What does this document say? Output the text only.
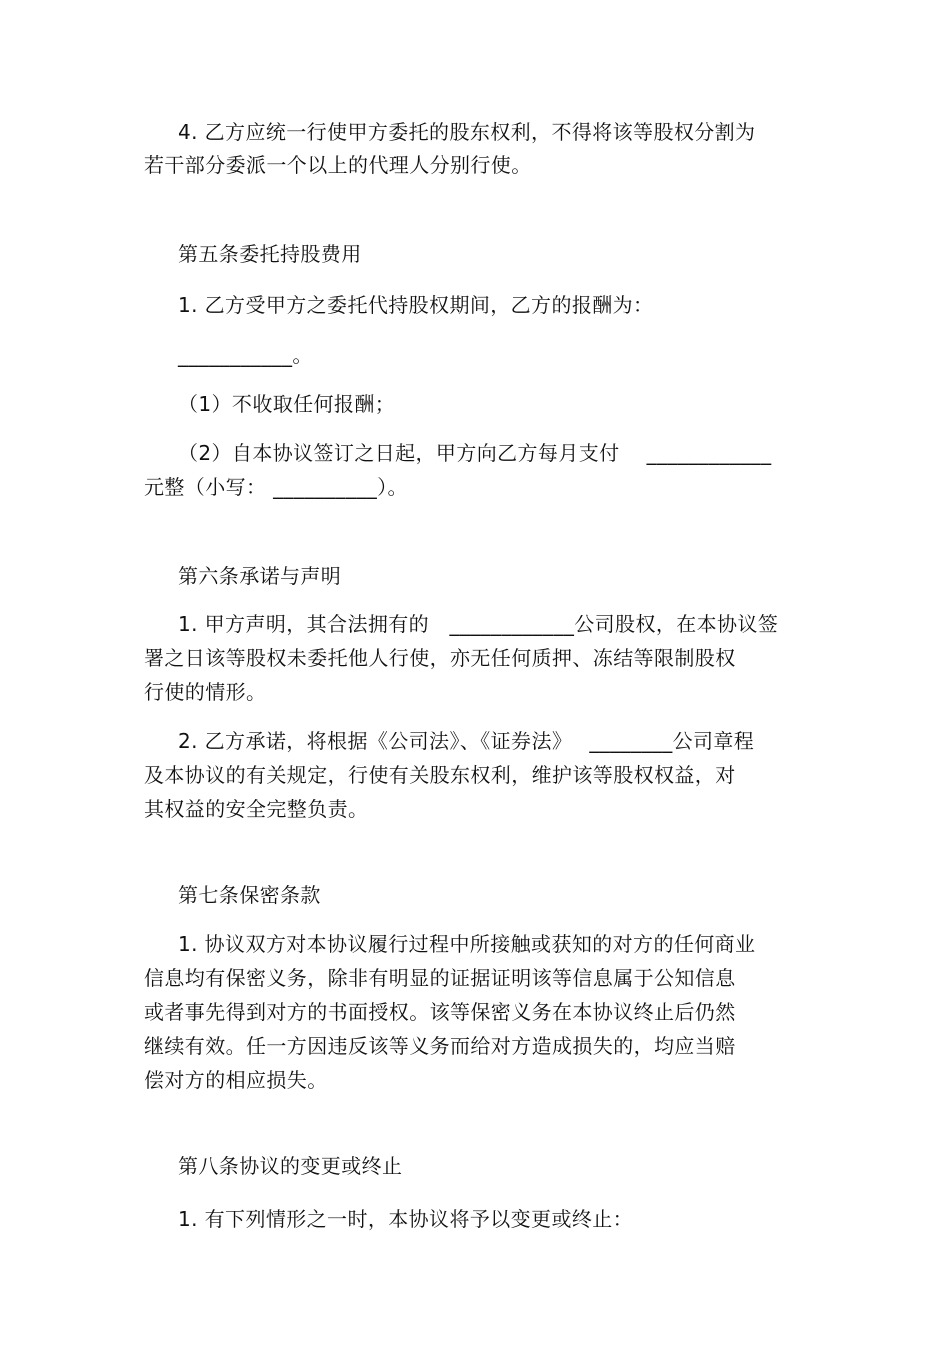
4. 乙方应统一行使甲方委托的股东权利，不得将该等股权分割为
若干部分委派一个以上的代理人分别行使。
第五条委托持股费用
1. 乙方受甲方之委托代持股权期间，乙方的报酬为：
___________。
（1）不收取任何报酬；
（2）自本协议签订之日起，甲方向乙方每月支付　 ____________
元整（小写： __________）。
第六条承诺与声明
1. 甲方声明，其合法拥有的　____________公司股权，在本协议签
署之日该等股权未委托他人行使，亦无任何质押、冻结等限制股权
行使的情形。
2. 乙方承诺，将根据《公司法》、《证券法》　 ________公司章程
及本协议的有关规定，行使有关股东权利，维护该等股权权益，对
其权益的安全完整负责。
第七条保密条款
1. 协议双方对本协议履行过程中所接触或获知的对方的任何商业
信息均有保密义务，除非有明显的证据证明该等信息属于公知信息
或者事先得到对方的书面授权。该等保密义务在本协议终止后仍然
继续有效。任一方因违反该等义务而给对方造成损失的，均应当赔
偿对方的相应损失。
第八条协议的变更或终止
1. 有下列情形之一时，本协议将予以变更或终止：
